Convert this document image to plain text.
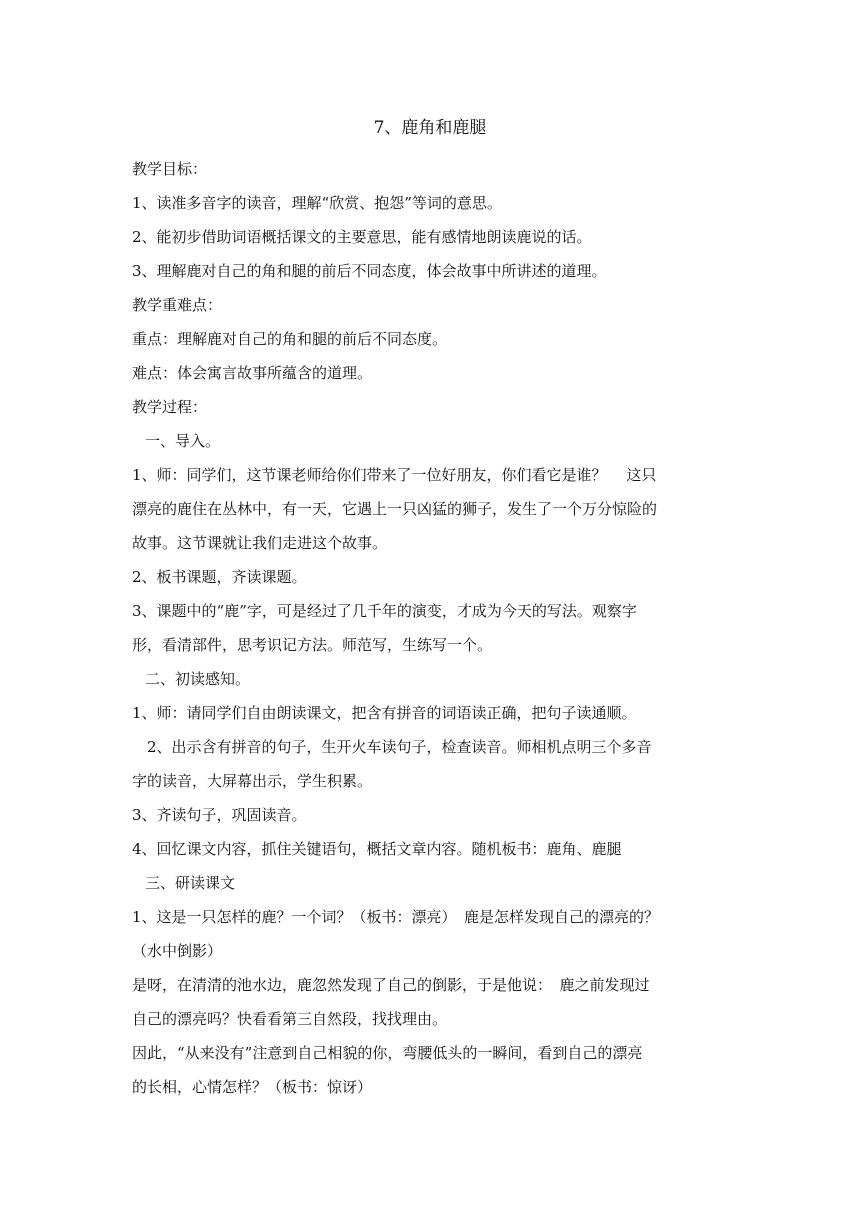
7、鹿角和鹿腿

教学目标：

1、读准多音字的读音，理解“欣赏、抱怨”等词的意思。

2、能初步借助词语概括课文的主要意思，能有感情地朗读鹿说的话。

3、理解鹿对自己的角和腿的前后不同态度，体会故事中所讲述的道理。

教学重难点：

重点：理解鹿对自己的角和腿的前后不同态度。

难点：体会寓言故事所蕴含的道理。

教学过程：

一、导入。

1、师：同学们，这节课老师给你们带来了一位好朋友，你们看它是谁？　 这只

漂亮的鹿住在丛林中，有一天，它遇上一只凶猛的狮子，发生了一个万分惊险的

故事。这节课就让我们走进这个故事。

2、板书课题，齐读课题。

3、课题中的“鹿”字，可是经过了几千年的演变，才成为今天的写法。观察字

形，看清部件，思考识记方法。师范写，生练写一个。

二、初读感知。

1、师：请同学们自由朗读课文，把含有拼音的词语读正确，把句子读通顺。

2、出示含有拼音的句子，生开火车读句子，检查读音。师相机点明三个多音

字的读音，大屏幕出示，学生积累。

3、齐读句子，巩固读音。

4、回忆课文内容，抓住关键语句，概括文章内容。随机板书：鹿角、鹿腿

三、研读课文

1、这是一只怎样的鹿？一个词？（板书：漂亮）　鹿是怎样发现自己的漂亮的？

（水中倒影）

是呀，在清清的池水边，鹿忽然发现了自己的倒影，于是他说：　鹿之前发现过

自己的漂亮吗？快看看第三自然段，找找理由。

因此，“从来没有”注意到自己相貌的你，弯腰低头的一瞬间，看到自己的漂亮

的长相，心情怎样？（板书：惊讶）
